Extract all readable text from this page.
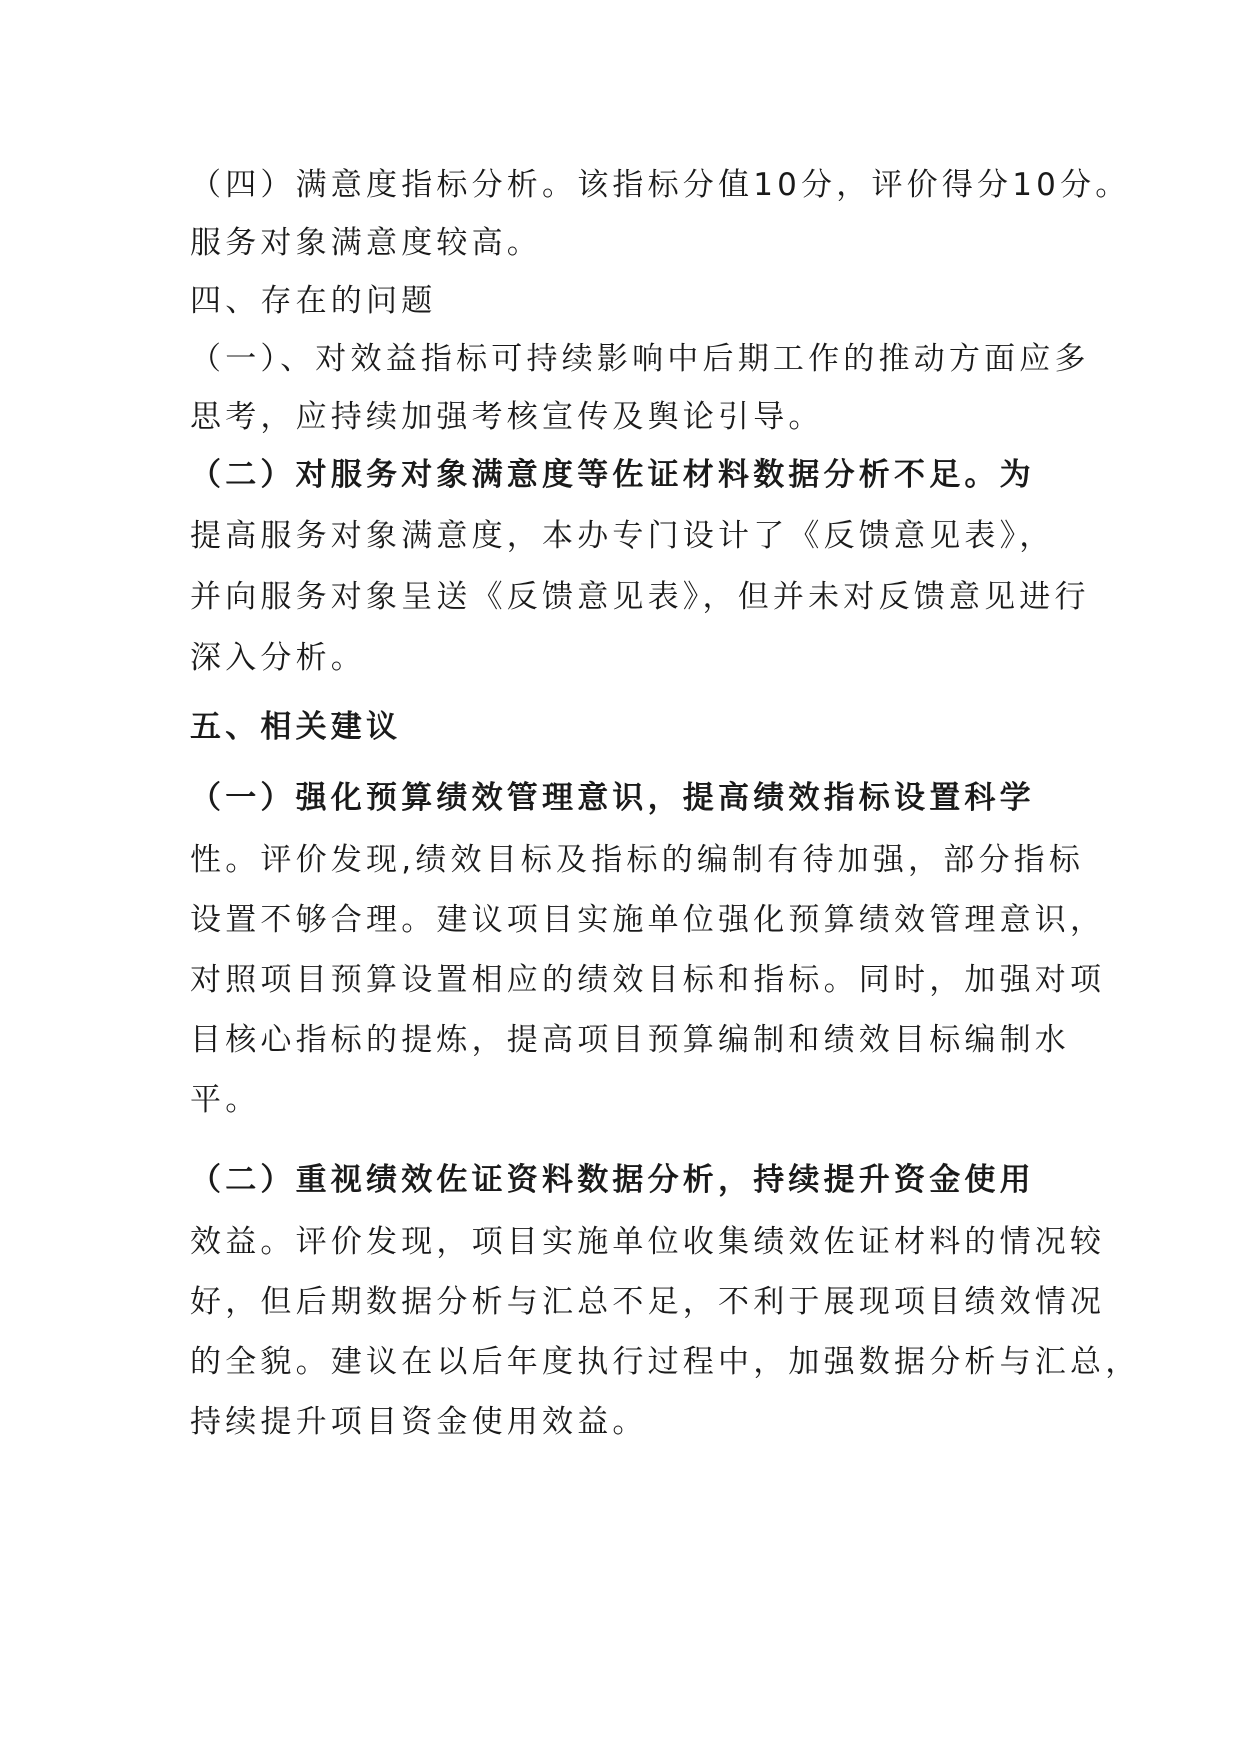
（四）满意度指标分析。该指标分值10分，评价得分10分。
服务对象满意度较高。
四、存在的问题
（一）、对效益指标可持续影响中后期工作的推动方面应多
思考，应持续加强考核宣传及舆论引导。
（二）对服务对象满意度等佐证材料数据分析不足。为
提高服务对象满意度，本办专门设计了《反馈意见表》，
并向服务对象呈送《反馈意见表》，但并未对反馈意见进行
深入分析。
五、相关建议
（一）强化预算绩效管理意识，提高绩效指标设置科学
性。评价发现,绩效目标及指标的编制有待加强，部分指标
设置不够合理。建议项目实施单位强化预算绩效管理意识，
对照项目预算设置相应的绩效目标和指标。同时，加强对项
目核心指标的提炼，提高项目预算编制和绩效目标编制水
平。
（二）重视绩效佐证资料数据分析，持续提升资金使用
效益。评价发现，项目实施单位收集绩效佐证材料的情况较
好，但后期数据分析与汇总不足，不利于展现项目绩效情况
的全貌。建议在以后年度执行过程中，加强数据分析与汇总，
持续提升项目资金使用效益。
